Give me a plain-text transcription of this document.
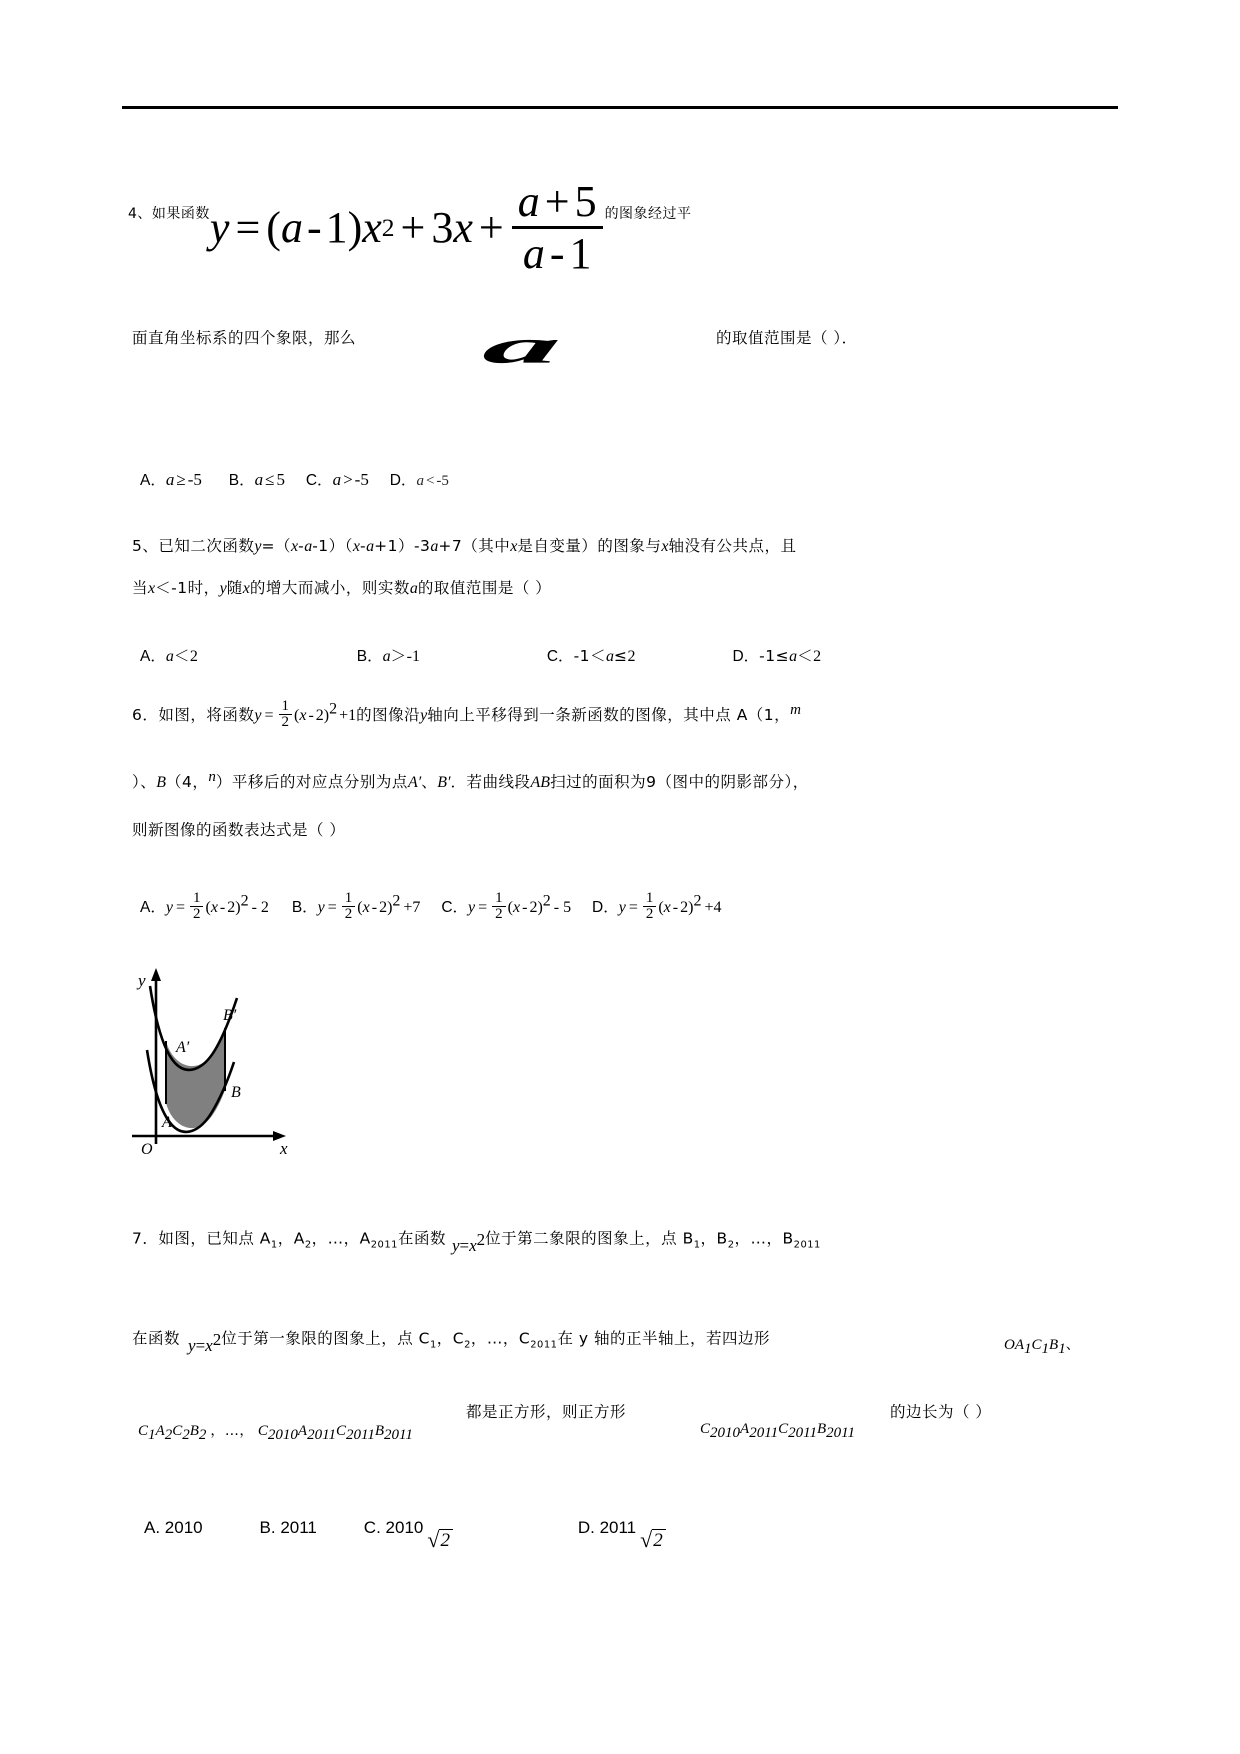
4、如果函数 y = ( a - 1) x 2 + 3 $x + \frac{a + 5}{a - 1}$ 的图象经过平
面直角坐标系的四个象限，那么 a	的取值范围是（ ）．
A．a ≥ -5 B．a ≤ 5 C．a > -5 D．a < -5
5、已知二次函数y=（x-a-1）（x-a+1）-3a+7（其中x是自变量）的图象与x轴没有公共点，且
当x＜-1时，y随x的增大而减小，则实数a的取值范围是（ ）
A．a＜2	B．a＞-1	C．-1＜a≤2	D．-1≤a＜2
6．如图，将函数$y = \frac{1}{2} (x - 2)2 +1$的图像沿y轴向上平移得到一条新函数的图像，其中点 A（1，m
）、B（4，n）平移后的对应点分别为点A′、B′．若曲线段AB扫过的面积为9（图中的阴影部分），
则新图像的函数表达式是（ ）
A．$y = \frac{1}{2} (x - 2)2 - 2$ B．$y = \frac{1}{2} (x - 2)2 +7$ C．$y = \frac{1}{2} (x - 2)2 - 5$ D．$y = \frac{1}{2} (x - 2)2 +4$
y
x
O
A
B
A′
B′
7．如图，已知点 $A_1$，$A_2$，…，$A_{2011}$在函数 y=x2位于第二象限的图象上，点 $B_1$，$B_2$，…，$B_{2011}$
在函数 y=x2位于第一象限的图象上，点 $C_1$，$C_2$，…，$C_{2011}$在 y 轴的正半轴上，若四边形	OA1C1B1、
C1A2C2B2 ，…， C2010A2011C2011B2011
都是正方形，则正方形
C2010A2011C2011B2011
的边长为（ ）
A. 2010	B. 2011	C. 2010 √ 2
D. 2011 √ 2
